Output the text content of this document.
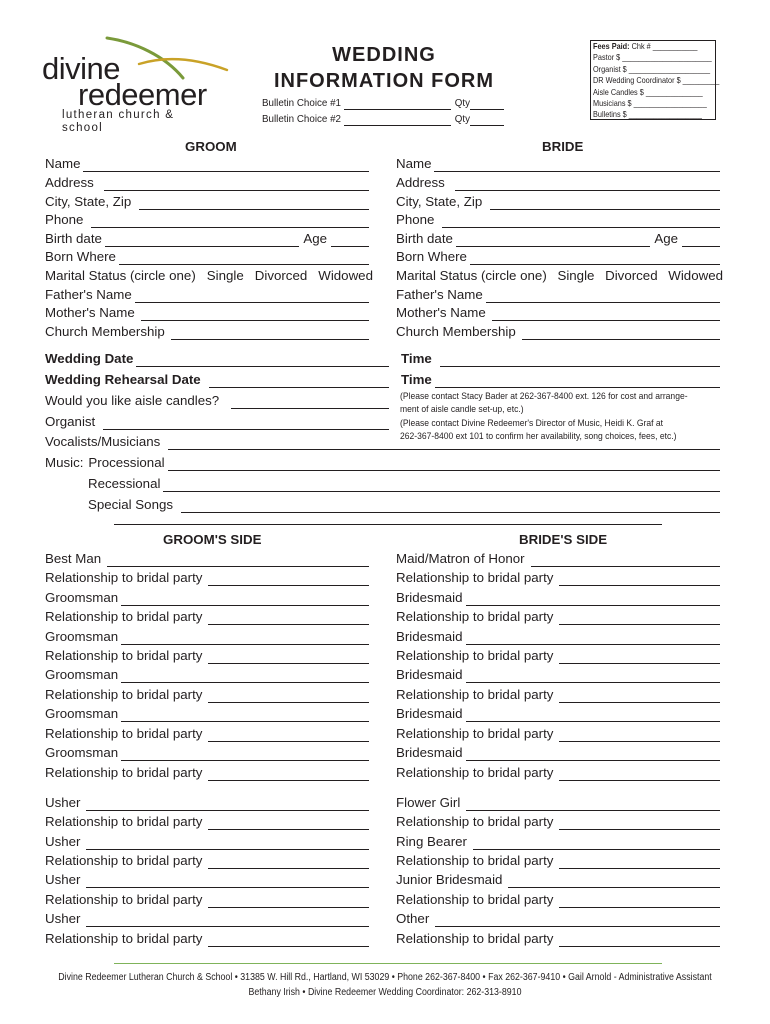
divine
redeemer
lutheran church & school
WEDDING
INFORMATION FORM
Bulletin Choice #1	Qty
Bulletin Choice #2	Qty
Fees Paid: Chk # ___________
Pastor $ ______________________
Organist $ ____________________
DR Wedding Coordinator $ _________
Aisle Candles $ ______________
Musicians $ __________________
Bulletins $ __________________
GROOM	BRIDE
Name
Address
City, State, Zip
Phone
Birth date	Age
Born Where
Marital Status (circle one) Single Divorced Widowed
Father's Name
Mother's Name
Church Membership
Name
Address
City, State, Zip
Phone
Birth date	Age
Born Where
Marital Status (circle one) Single Divorced Widowed
Father's Name
Mother's Name
Church Membership
Wedding Date	Time
Wedding Rehearsal Date	Time
Would you like aisle candles?	(Please contact Stacy Bader at 262-367-8400 ext. 126 for cost and arrange-
ment of aisle candle set-up, etc.)
Organist	(Please contact Divine Redeemer's Director of Music, Heidi K. Graf at
262-367-8400 ext 101 to confirm her availability, song choices, fees, etc.)
Vocalists/Musicians
Music: Processional
Recessional
Special Songs
GROOM'S SIDE	BRIDE'S SIDE
Best Man
Relationship to bridal party
Groomsman
Relationship to bridal party
Groomsman
Relationship to bridal party
Groomsman
Relationship to bridal party
Groomsman
Relationship to bridal party
Groomsman
Relationship to bridal party
Usher
Relationship to bridal party
Usher
Relationship to bridal party
Usher
Relationship to bridal party
Usher
Relationship to bridal party
Maid/Matron of Honor
Relationship to bridal party
Bridesmaid
Relationship to bridal party
Bridesmaid
Relationship to bridal party
Bridesmaid
Relationship to bridal party
Bridesmaid
Relationship to bridal party
Bridesmaid
Relationship to bridal party
Flower Girl
Relationship to bridal party
Ring Bearer
Relationship to bridal party
Junior Bridesmaid
Relationship to bridal party
Other
Relationship to bridal party
Divine Redeemer Lutheran Church & School • 31385 W. Hill Rd., Hartland, WI 53029 • Phone 262-367-8400 • Fax 262-367-9410 • Gail Arnold - Administrative Assistant
Bethany Irish • Divine Redeemer Wedding Coordinator: 262-313-8910
